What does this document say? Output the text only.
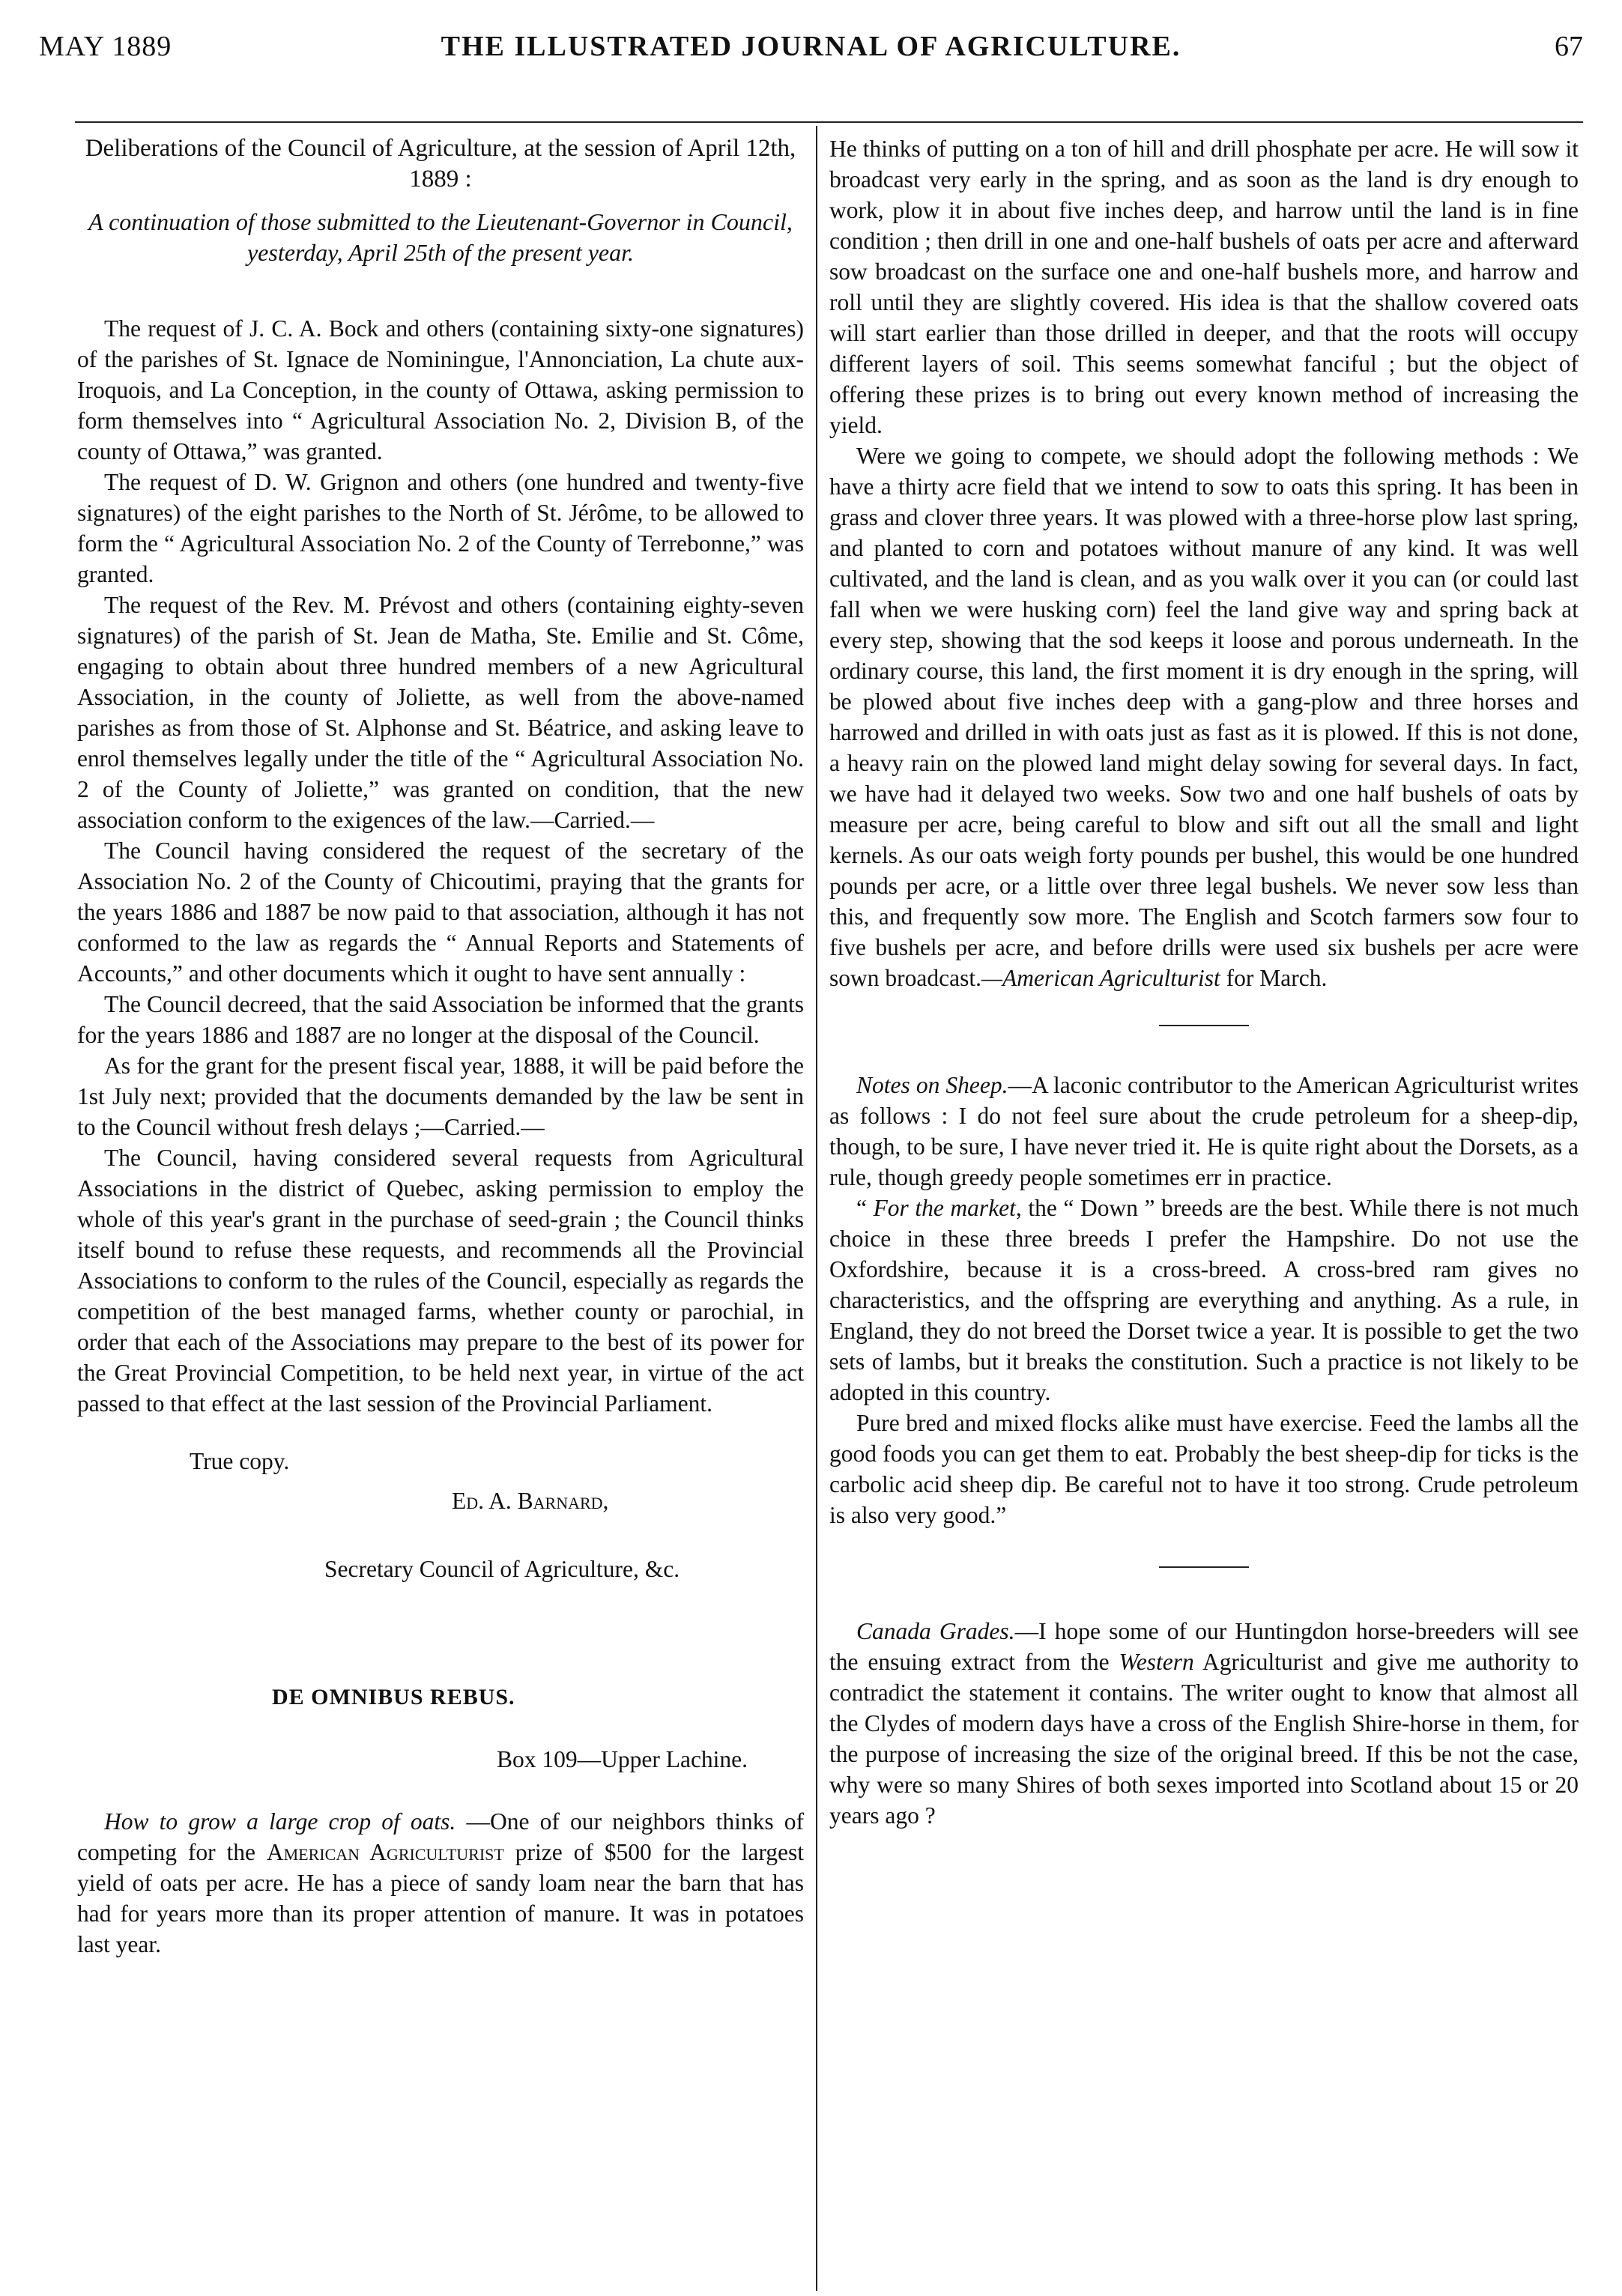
MAY 1889	THE ILLUSTRATED JOURNAL OF AGRICULTURE.	67

Deliberations of the Council of Agriculture, at the session of April 12th, 1889 :

A continuation of those submitted to the Lieutenant-Governor in Council, yesterday, April 25th of the present year.

The request of J. C. A. Bock and others (containing sixty-one signatures) of the parishes of St. Ignace de Nominingue, l'Annonciation, La chute aux-Iroquois, and La Conception, in the county of Ottawa, asking permission to form themselves into “ Agricultural Association No. 2, Division B, of the county of Ottawa,” was granted.

The request of D. W. Grignon and others (one hundred and twenty-five signatures) of the eight parishes to the North of St. Jérôme, to be allowed to form the “ Agricultural Association No. 2 of the County of Terrebonne,” was granted.

The request of the Rev. M. Prévost and others (containing eighty-seven signatures) of the parish of St. Jean de Matha, Ste. Emilie and St. Côme, engaging to obtain about three hundred members of a new Agricultural Association, in the county of Joliette, as well from the above-named parishes as from those of St. Alphonse and St. Béatrice, and asking leave to enrol themselves legally under the title of the “ Agricultural Association No. 2 of the County of Joliette,” was granted on condition, that the new association conform to the exigences of the law.—Carried.—

The Council having considered the request of the secretary of the Association No. 2 of the County of Chicoutimi, praying that the grants for the years 1886 and 1887 be now paid to that association, although it has not conformed to the law as regards the “ Annual Reports and Statements of Accounts,” and other documents which it ought to have sent annually :

The Council decreed, that the said Association be informed that the grants for the years 1886 and 1887 are no longer at the disposal of the Council.

As for the grant for the present fiscal year, 1888, it will be paid before the 1st July next; provided that the documents demanded by the law be sent in to the Council without fresh delays ;—Carried.—

The Council, having considered several requests from Agricultural Associations in the district of Quebec, asking permission to employ the whole of this year's grant in the purchase of seed-grain ; the Council thinks itself bound to refuse these requests, and recommends all the Provincial Associations to conform to the rules of the Council, especially as regards the competition of the best managed farms, whether county or parochial, in order that each of the Associations may prepare to the best of its power for the Great Provincial Competition, to be held next year, in virtue of the act passed to that effect at the last session of the Provincial Parliament.

True copy.

Ed. A. Barnard,

Secretary Council of Agriculture, &c.

DE OMNIBUS REBUS.

Box 109—Upper Lachine.

How to grow a large crop of oats. —One of our neighbors thinks of competing for the American Agriculturist prize of $500 for the largest yield of oats per acre. He has a piece of sandy loam near the barn that has had for years more than its proper attention of manure. It was in potatoes last year.

He thinks of putting on a ton of hill and drill phosphate per acre. He will sow it broadcast very early in the spring, and as soon as the land is dry enough to work, plow it in about five inches deep, and harrow until the land is in fine condition ; then drill in one and one-half bushels of oats per acre and afterward sow broadcast on the surface one and one-half bushels more, and harrow and roll until they are slightly covered. His idea is that the shallow covered oats will start earlier than those drilled in deeper, and that the roots will occupy different layers of soil. This seems somewhat fanciful ; but the object of offering these prizes is to bring out every known method of increasing the yield.

Were we going to compete, we should adopt the following methods : We have a thirty acre field that we intend to sow to oats this spring. It has been in grass and clover three years. It was plowed with a three-horse plow last spring, and planted to corn and potatoes without manure of any kind. It was well cultivated, and the land is clean, and as you walk over it you can (or could last fall when we were husking corn) feel the land give way and spring back at every step, showing that the sod keeps it loose and porous underneath. In the ordinary course, this land, the first moment it is dry enough in the spring, will be plowed about five inches deep with a gang-plow and three horses and harrowed and drilled in with oats just as fast as it is plowed. If this is not done, a heavy rain on the plowed land might delay sowing for several days. In fact, we have had it delayed two weeks. Sow two and one half bushels of oats by measure per acre, being careful to blow and sift out all the small and light kernels. As our oats weigh forty pounds per bushel, this would be one hundred pounds per acre, or a little over three legal bushels. We never sow less than this, and frequently sow more. The English and Scotch farmers sow four to five bushels per acre, and before drills were used six bushels per acre were sown broadcast.—American Agriculturist for March.

Notes on Sheep.—A laconic contributor to the American Agriculturist writes as follows : I do not feel sure about the crude petroleum for a sheep-dip, though, to be sure, I have never tried it. He is quite right about the Dorsets, as a rule, though greedy people sometimes err in practice.

“ For the market, the “ Down ” breeds are the best. While there is not much choice in these three breeds I prefer the Hampshire. Do not use the Oxfordshire, because it is a cross-breed. A cross-bred ram gives no characteristics, and the offspring are everything and anything. As a rule, in England, they do not breed the Dorset twice a year. It is possible to get the two sets of lambs, but it breaks the constitution. Such a practice is not likely to be adopted in this country.

Pure bred and mixed flocks alike must have exercise. Feed the lambs all the good foods you can get them to eat. Probably the best sheep-dip for ticks is the carbolic acid sheep dip. Be careful not to have it too strong. Crude petroleum is also very good.”

Canada Grades.—I hope some of our Huntingdon horse-breeders will see the ensuing extract from the Western Agriculturist and give me authority to contradict the statement it contains. The writer ought to know that almost all the Clydes of modern days have a cross of the English Shire-horse in them, for the purpose of increasing the size of the original breed. If this be not the case, why were so many Shires of both sexes imported into Scotland about 15 or 20 years ago ?
